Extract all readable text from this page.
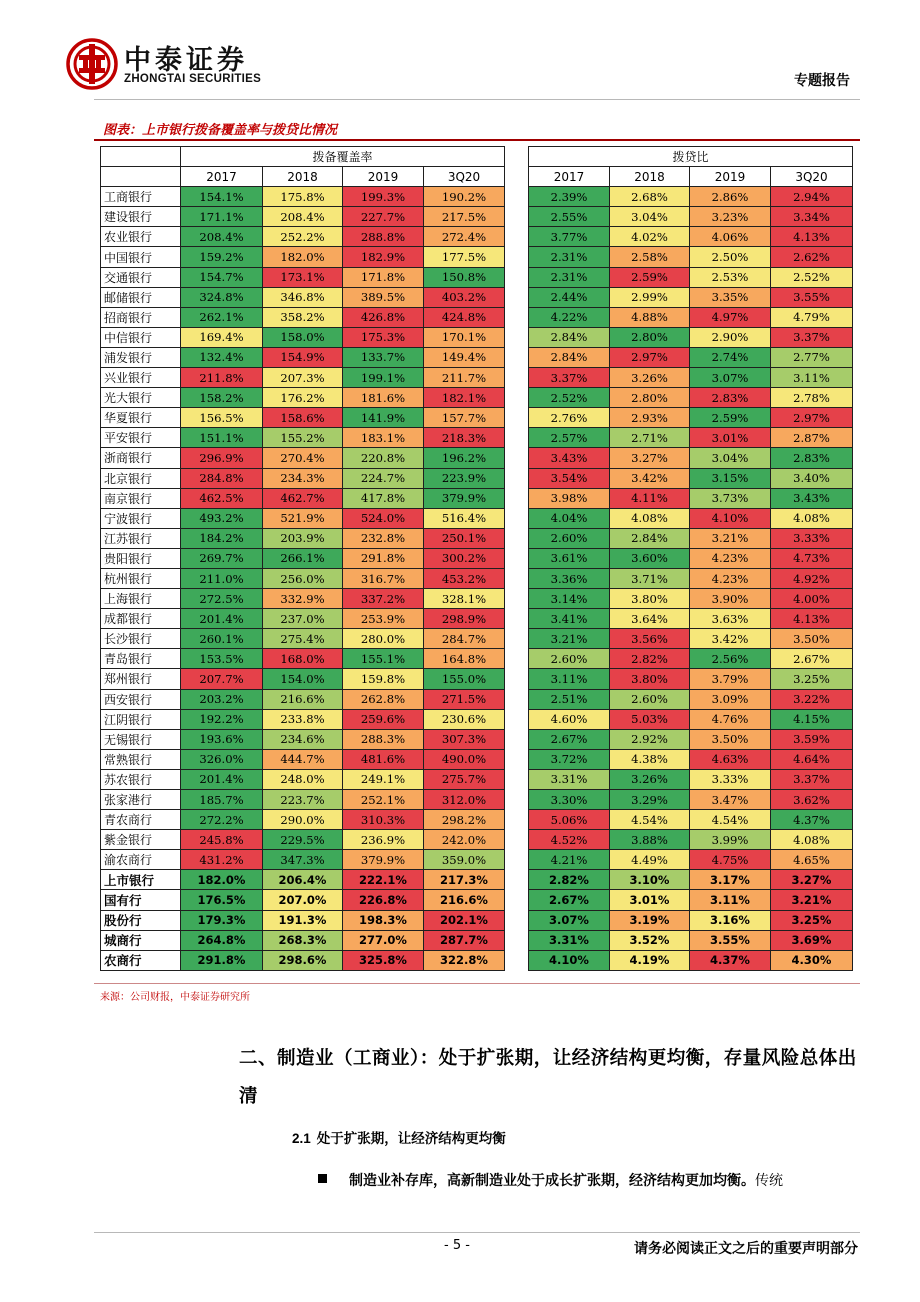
中泰证券
ZHONGTAI SECURITIES	专题报告
图表：上市银行拨备覆盖率与拨贷比情况
	拨备覆盖率					拨贷比			
	2017	2018	2019	3Q20		2017	2018	2019	3Q20
工商银行	154.1%	175.8%	199.3%	190.2%		2.39%	2.68%	2.86%	2.94%
建设银行	171.1%	208.4%	227.7%	217.5%		2.55%	3.04%	3.23%	3.34%
农业银行	208.4%	252.2%	288.8%	272.4%		3.77%	4.02%	4.06%	4.13%
中国银行	159.2%	182.0%	182.9%	177.5%		2.31%	2.58%	2.50%	2.62%
交通银行	154.7%	173.1%	171.8%	150.8%		2.31%	2.59%	2.53%	2.52%
邮储银行	324.8%	346.8%	389.5%	403.2%		2.44%	2.99%	3.35%	3.55%
招商银行	262.1%	358.2%	426.8%	424.8%		4.22%	4.88%	4.97%	4.79%
中信银行	169.4%	158.0%	175.3%	170.1%		2.84%	2.80%	2.90%	3.37%
浦发银行	132.4%	154.9%	133.7%	149.4%		2.84%	2.97%	2.74%	2.77%
兴业银行	211.8%	207.3%	199.1%	211.7%		3.37%	3.26%	3.07%	3.11%
光大银行	158.2%	176.2%	181.6%	182.1%		2.52%	2.80%	2.83%	2.78%
华夏银行	156.5%	158.6%	141.9%	157.7%		2.76%	2.93%	2.59%	2.97%
平安银行	151.1%	155.2%	183.1%	218.3%		2.57%	2.71%	3.01%	2.87%
浙商银行	296.9%	270.4%	220.8%	196.2%		3.43%	3.27%	3.04%	2.83%
北京银行	284.8%	234.3%	224.7%	223.9%		3.54%	3.42%	3.15%	3.40%
南京银行	462.5%	462.7%	417.8%	379.9%		3.98%	4.11%	3.73%	3.43%
宁波银行	493.2%	521.9%	524.0%	516.4%		4.04%	4.08%	4.10%	4.08%
江苏银行	184.2%	203.9%	232.8%	250.1%		2.60%	2.84%	3.21%	3.33%
贵阳银行	269.7%	266.1%	291.8%	300.2%		3.61%	3.60%	4.23%	4.73%
杭州银行	211.0%	256.0%	316.7%	453.2%		3.36%	3.71%	4.23%	4.92%
上海银行	272.5%	332.9%	337.2%	328.1%		3.14%	3.80%	3.90%	4.00%
成都银行	201.4%	237.0%	253.9%	298.9%		3.41%	3.64%	3.63%	4.13%
长沙银行	260.1%	275.4%	280.0%	284.7%		3.21%	3.56%	3.42%	3.50%
青岛银行	153.5%	168.0%	155.1%	164.8%		2.60%	2.82%	2.56%	2.67%
郑州银行	207.7%	154.0%	159.8%	155.0%		3.11%	3.80%	3.79%	3.25%
西安银行	203.2%	216.6%	262.8%	271.5%		2.51%	2.60%	3.09%	3.22%
江阴银行	192.2%	233.8%	259.6%	230.6%		4.60%	5.03%	4.76%	4.15%
无锡银行	193.6%	234.6%	288.3%	307.3%		2.67%	2.92%	3.50%	3.59%
常熟银行	326.0%	444.7%	481.6%	490.0%		3.72%	4.38%	4.63%	4.64%
苏农银行	201.4%	248.0%	249.1%	275.7%		3.31%	3.26%	3.33%	3.37%
张家港行	185.7%	223.7%	252.1%	312.0%		3.30%	3.29%	3.47%	3.62%
青农商行	272.2%	290.0%	310.3%	298.2%		5.06%	4.54%	4.54%	4.37%
紫金银行	245.8%	229.5%	236.9%	242.0%		4.52%	3.88%	3.99%	4.08%
渝农商行	431.2%	347.3%	379.9%	359.0%		4.21%	4.49%	4.75%	4.65%
上市银行	182.0%	206.4%	222.1%	217.3%		2.82%	3.10%	3.17%	3.27%
国有行	176.5%	207.0%	226.8%	216.6%		2.67%	3.01%	3.11%	3.21%
股份行	179.3%	191.3%	198.3%	202.1%		3.07%	3.19%	3.16%	3.25%
城商行	264.8%	268.3%	277.0%	287.7%		3.31%	3.52%	3.55%	3.69%
农商行	291.8%	298.6%	325.8%	322.8%		4.10%	4.19%	4.37%	4.30%
来源：公司财报，中泰证券研究所
二、制造业（工商业）：处于扩张期，让经济结构更均衡，存量风险总体出清
2.1 处于扩张期，让经济结构更均衡
制造业补存库，高新制造业处于成长扩张期，经济结构更加均衡。传统
- 5 -	请务必阅读正文之后的重要声明部分
